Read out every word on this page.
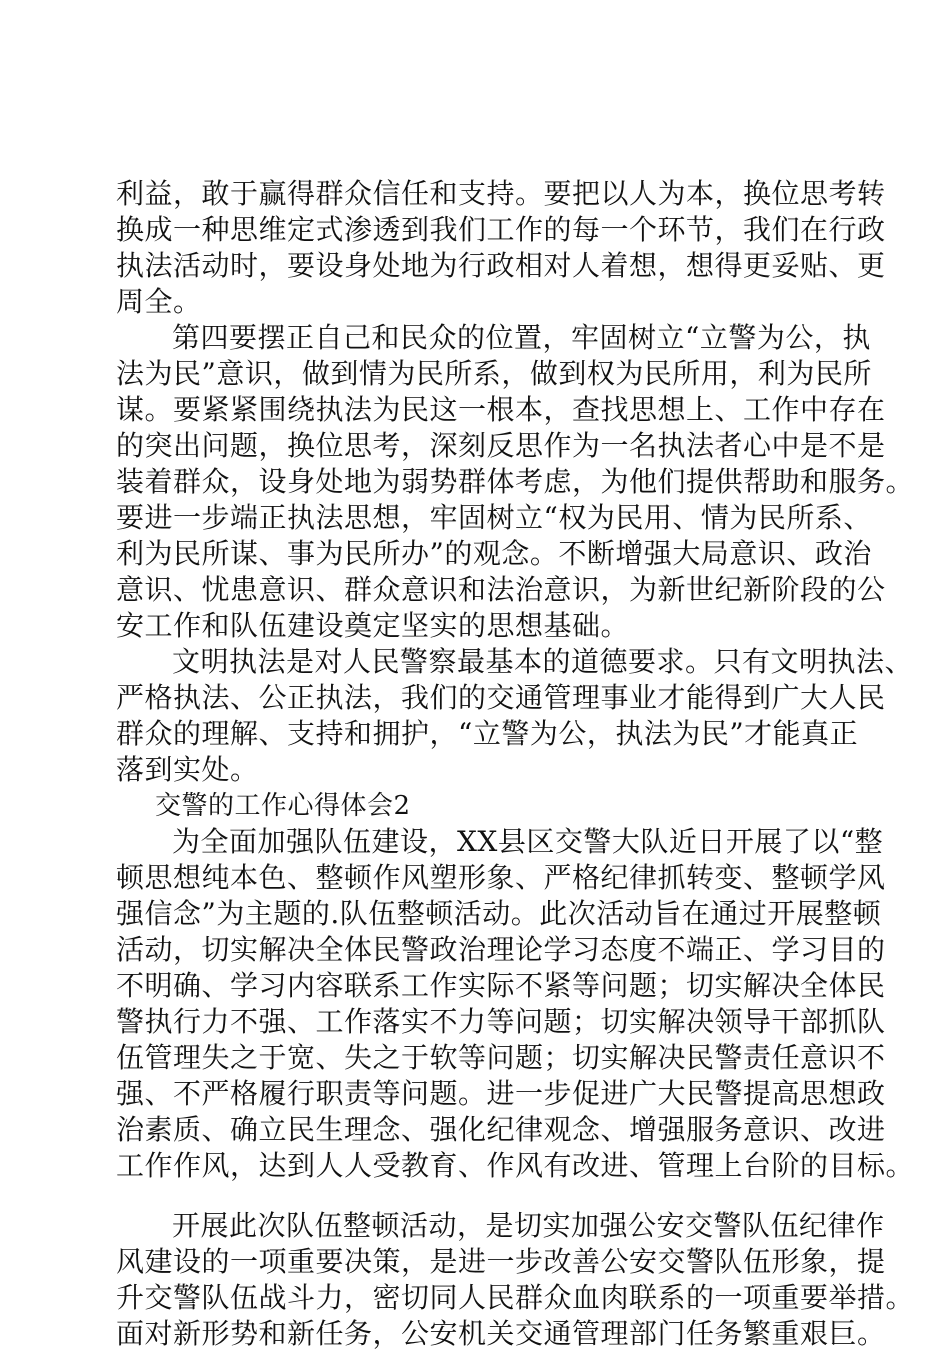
利益，敢于赢得群众信任和支持。要把以人为本，换位思考转
换成一种思维定式渗透到我们工作的每一个环节，我们在行政
执法活动时，要设身处地为行政相对人着想，想得更妥贴、更
周全。
第四要摆正自己和民众的位置，牢固树立“立警为公，执
法为民”意识，做到情为民所系，做到权为民所用，利为民所
谋。要紧紧围绕执法为民这一根本，查找思想上、工作中存在
的突出问题，换位思考，深刻反思作为一名执法者心中是不是
装着群众，设身处地为弱势群体考虑，为他们提供帮助和服务。
要进一步端正执法思想，牢固树立“权为民用、情为民所系、
利为民所谋、事为民所办”的观念。不断增强大局意识、政治
意识、忧患意识、群众意识和法治意识，为新世纪新阶段的公
安工作和队伍建设奠定坚实的思想基础。
文明执法是对人民警察最基本的道德要求。只有文明执法、
严格执法、公正执法，我们的交通管理事业才能得到广大人民
群众的理解、支持和拥护，“立警为公，执法为民”才能真正
落到实处。
交警的工作心得体会2
为全面加强队伍建设，XX县区交警大队近日开展了以“整
顿思想纯本色、整顿作风塑形象、严格纪律抓转变、整顿学风
强信念”为主题的.队伍整顿活动。此次活动旨在通过开展整顿
活动，切实解决全体民警政治理论学习态度不端正、学习目的
不明确、学习内容联系工作实际不紧等问题；切实解决全体民
警执行力不强、工作落实不力等问题；切实解决领导干部抓队
伍管理失之于宽、失之于软等问题；切实解决民警责任意识不
强、不严格履行职责等问题。进一步促进广大民警提高思想政
治素质、确立民生理念、强化纪律观念、增强服务意识、改进
工作作风，达到人人受教育、作风有改进、管理上台阶的目标。
开展此次队伍整顿活动，是切实加强公安交警队伍纪律作
风建设的一项重要决策，是进一步改善公安交警队伍形象，提
升交警队伍战斗力，密切同人民群众血肉联系的一项重要举措。
面对新形势和新任务，公安机关交通管理部门任务繁重艰巨。
